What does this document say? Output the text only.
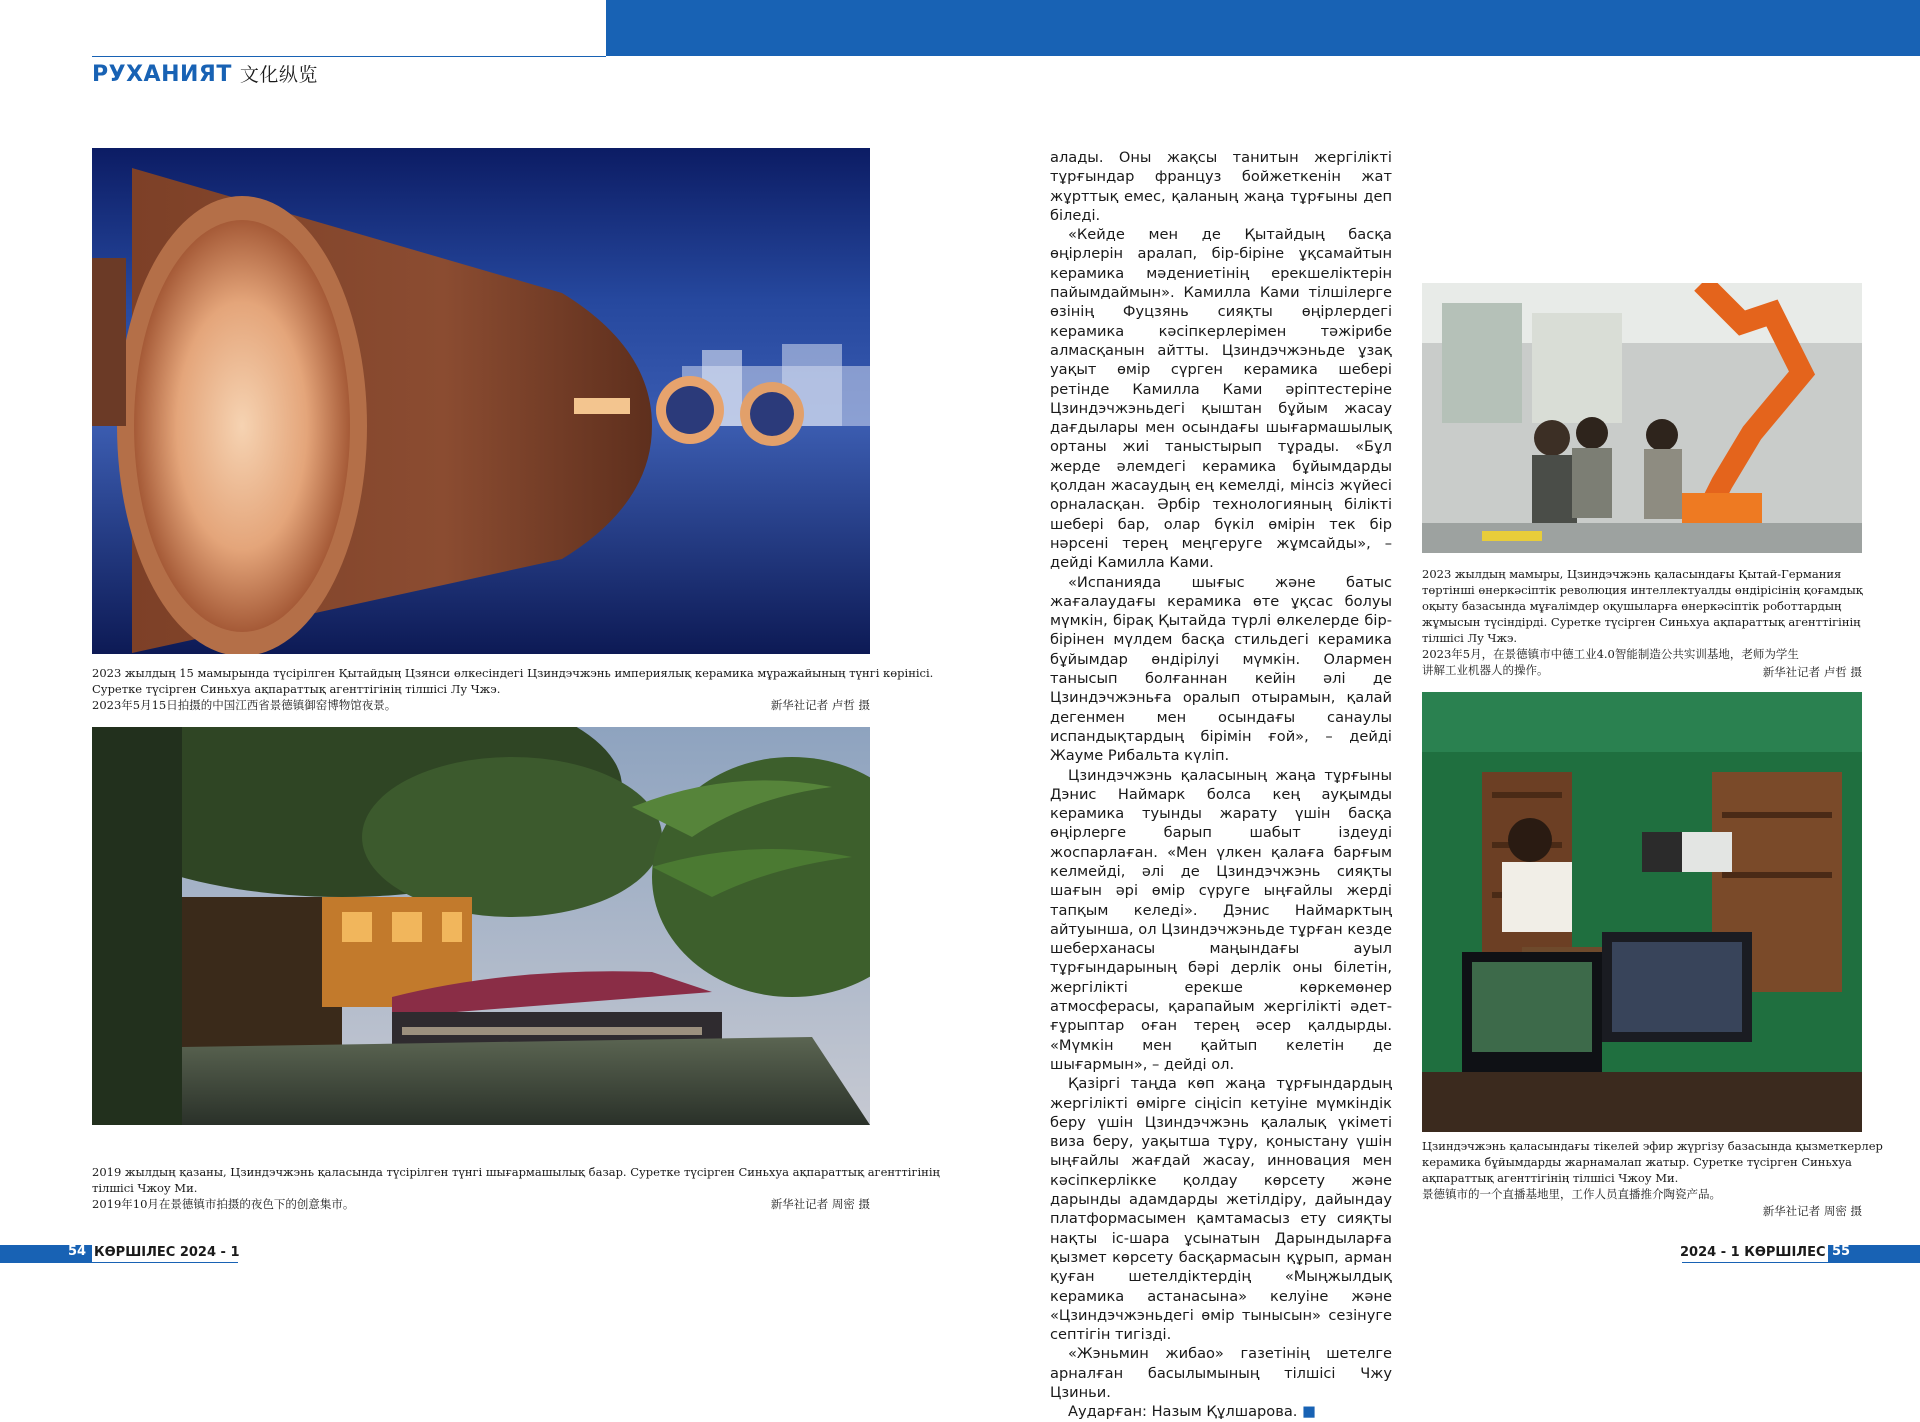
РУХАНИЯТ 文化纵览
2023 жылдың 15 мамырында түсірілген Қытайдың Цзянси өлкесіндегі Цзиндэчжэнь империялық керамика мұражайының түнгі көрінісі.
Суретке түсірген Синьхуа ақпараттық агенттігінің тілшісі Лу Чжэ.
2023年5月15日拍摄的中国江西省景德镇御窑博物馆夜景。	新华社记者 卢哲 摄
2019 жылдың қазаны, Цзиндэчжэнь қаласында түсірілген түнгі шығармашылық базар. Суретке түсірген Синьхуа ақпараттық агенттігінің
тілшісі Чжоу Ми.
2019年10月在景德镇市拍摄的夜色下的创意集市。	新华社记者 周密 摄

алады. Оны жақсы танитын жергілікті тұрғындар француз бойжеткенін жат жұрттық емес, қаланың жаңа тұрғыны деп біледі.

«Кейде мен де Қытайдың басқа өңірлерін аралап, бір-біріне ұқсамайтын керамика мәдениетінің ерекшеліктерін пайымдаймын». Камилла Ками тілшілерге өзінің Фуцзянь сияқты өңірлердегі керамика кәсіпкерлерімен тәжірибе алмасқанын айтты. Цзиндэчжэньде ұзақ уақыт өмір сүрген керамика шебері ретінде Камилла Ками әріптестеріне Цзиндэчжэньдегі қыштан бұйым жасау дағдылары мен осындағы шығармашылық ортаны жиі таныстырып тұрады. «Бұл жерде әлемдегі керамика бұйымдарды қолдан жасаудың ең кемелді, мінсіз жүйесі орналасқан. Әрбір технологияның білікті шебері бар, олар бүкіл өмірін тек бір нәрсені терең меңгеруге жұмсайды», – дейді Камилла Ками.

«Испанияда шығыс және батыс жағалаудағы керамика өте ұқсас болуы мүмкін, бірақ Қытайда түрлі өлкелерде бір-бірінен мүлдем басқа стильдегі керамика бұйымдар өндірілуі мүмкін. Олармен танысып болғаннан кейін әлі де Цзиндэчжэньға оралып отырамын, қалай дегенмен мен осындағы санаулы испандықтардың бірімін ғой», – дейді Жауме Рибальта күліп.

Цзиндэчжэнь қаласының жаңа тұрғыны Дэнис Наймарк болса кең ауқымды керамика туынды жарату үшін басқа өңірлерге барып шабыт іздеуді жоспарлаған. «Мен үлкен қалаға барғым келмейді, әлі де Цзиндэчжэнь сияқты шағын әрі өмір сүруге ыңғайлы жерді тапқым келеді». Дэнис Наймарктың айтуынша, ол Цзиндэчжэньде тұрған кезде шеберханасы маңындағы ауыл тұрғындарының бәрі дерлік оны білетін, жергілікті ерекше көркемөнер атмосферасы, қарапайым жергілікті әдет-ғұрыптар оған терең әсер қалдырды. «Мүмкін мен қайтып келетін де шығармын», – дейді ол.

Қазіргі таңда көп жаңа тұрғындардың жергілікті өмірге сіңісіп кетуіне мүмкіндік беру үшін Цзиндэчжэнь қалалық үкіметі виза беру, уақытша тұру, қоныстану үшін ыңғайлы жағдай жасау, инновация мен кәсіпкерлікке қолдау көрсету және дарынды адамдарды жетілдіру, дайындау платформасымен қамтамасыз ету сияқты нақты іс-шара ұсынатын Дарындыларға қызмет көрсету басқармасын құрып, арман қуған шетелдіктердің «Мыңжылдық керамика астанасына» келуіне және «Цзиндэчжэньдегі өмір тынысын» сезінуге септігін тигізді.

«Жэньмин жибао» газетінің шетелге арналған басылымының тілшісі Чжу Цзиньи.

Аударған: Назым Құлшарова. ■

2023 жылдың мамыры, Цзиндэчжэнь қаласындағы Қытай-Германия
төртінші өнеркәсіптік революция интеллектуалды өндірісінің қоғамдық
оқыту базасында мұғалімдер оқушыларға өнеркәсіптік роботтардың
жұмысын түсіндірді. Суретке түсірген Синьхуа ақпараттық агенттігінің
тілшісі Лу Чжэ.
2023年5月，在景德镇市中德工业4.0智能制造公共实训基地，老师为学生
讲解工业机器人的操作。	新华社记者 卢哲 摄
Цзиндэчжэнь қаласындағы тікелей эфир жүргізу базасында қызметкерлер
керамика бұйымдарды жарнамалап жатыр. Суретке түсірген Синьхуа
ақпараттық агенттігінің тілшісі Чжоу Ми.
景德镇市的一个直播基地里，工作人员直播推介陶瓷产品。
新华社记者 周密 摄
54 КӨРШІЛЕС 2024 - 1	2024 - 1 КӨРШІЛЕС 55
